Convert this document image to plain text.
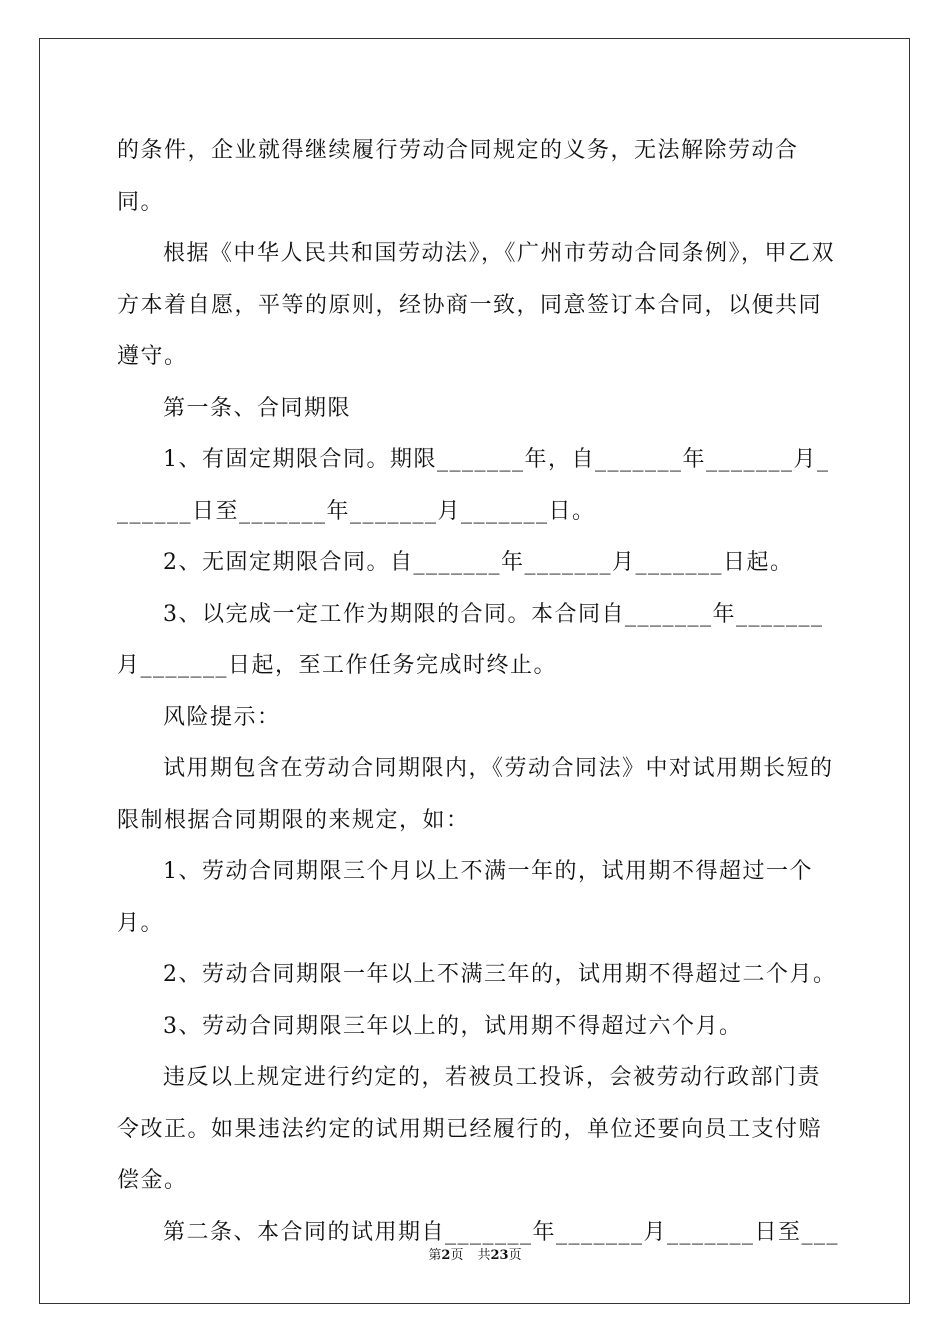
的条件，企业就得继续履行劳动合同规定的义务，无法解除劳动合同。

根据《中华人民共和国劳动法》，《广州市劳动合同条例》，甲乙双方本着自愿，平等的原则，经协商一致，同意签订本合同，以便共同遵守。

第一条、合同期限

1、有固定期限合同。期限_______年，自_______年_______月_______日至_______年_______月_______日。

2、无固定期限合同。自_______年_______月_______日起。

3、以完成一定工作为期限的合同。本合同自_______年_______月_______日起，至工作任务完成时终止。

风险提示：

试用期包含在劳动合同期限内，《劳动合同法》中对试用期长短的限制根据合同期限的来规定，如：

1、劳动合同期限三个月以上不满一年的，试用期不得超过一个月。

2、劳动合同期限一年以上不满三年的，试用期不得超过二个月。

3、劳动合同期限三年以上的，试用期不得超过六个月。

违反以上规定进行约定的，若被员工投诉，会被劳动行政部门责令改正。如果违法约定的试用期已经履行的，单位还要向员工支付赔偿金。

第二条、本合同的试用期自_______年_______月_______日至___

第2页 共23页
